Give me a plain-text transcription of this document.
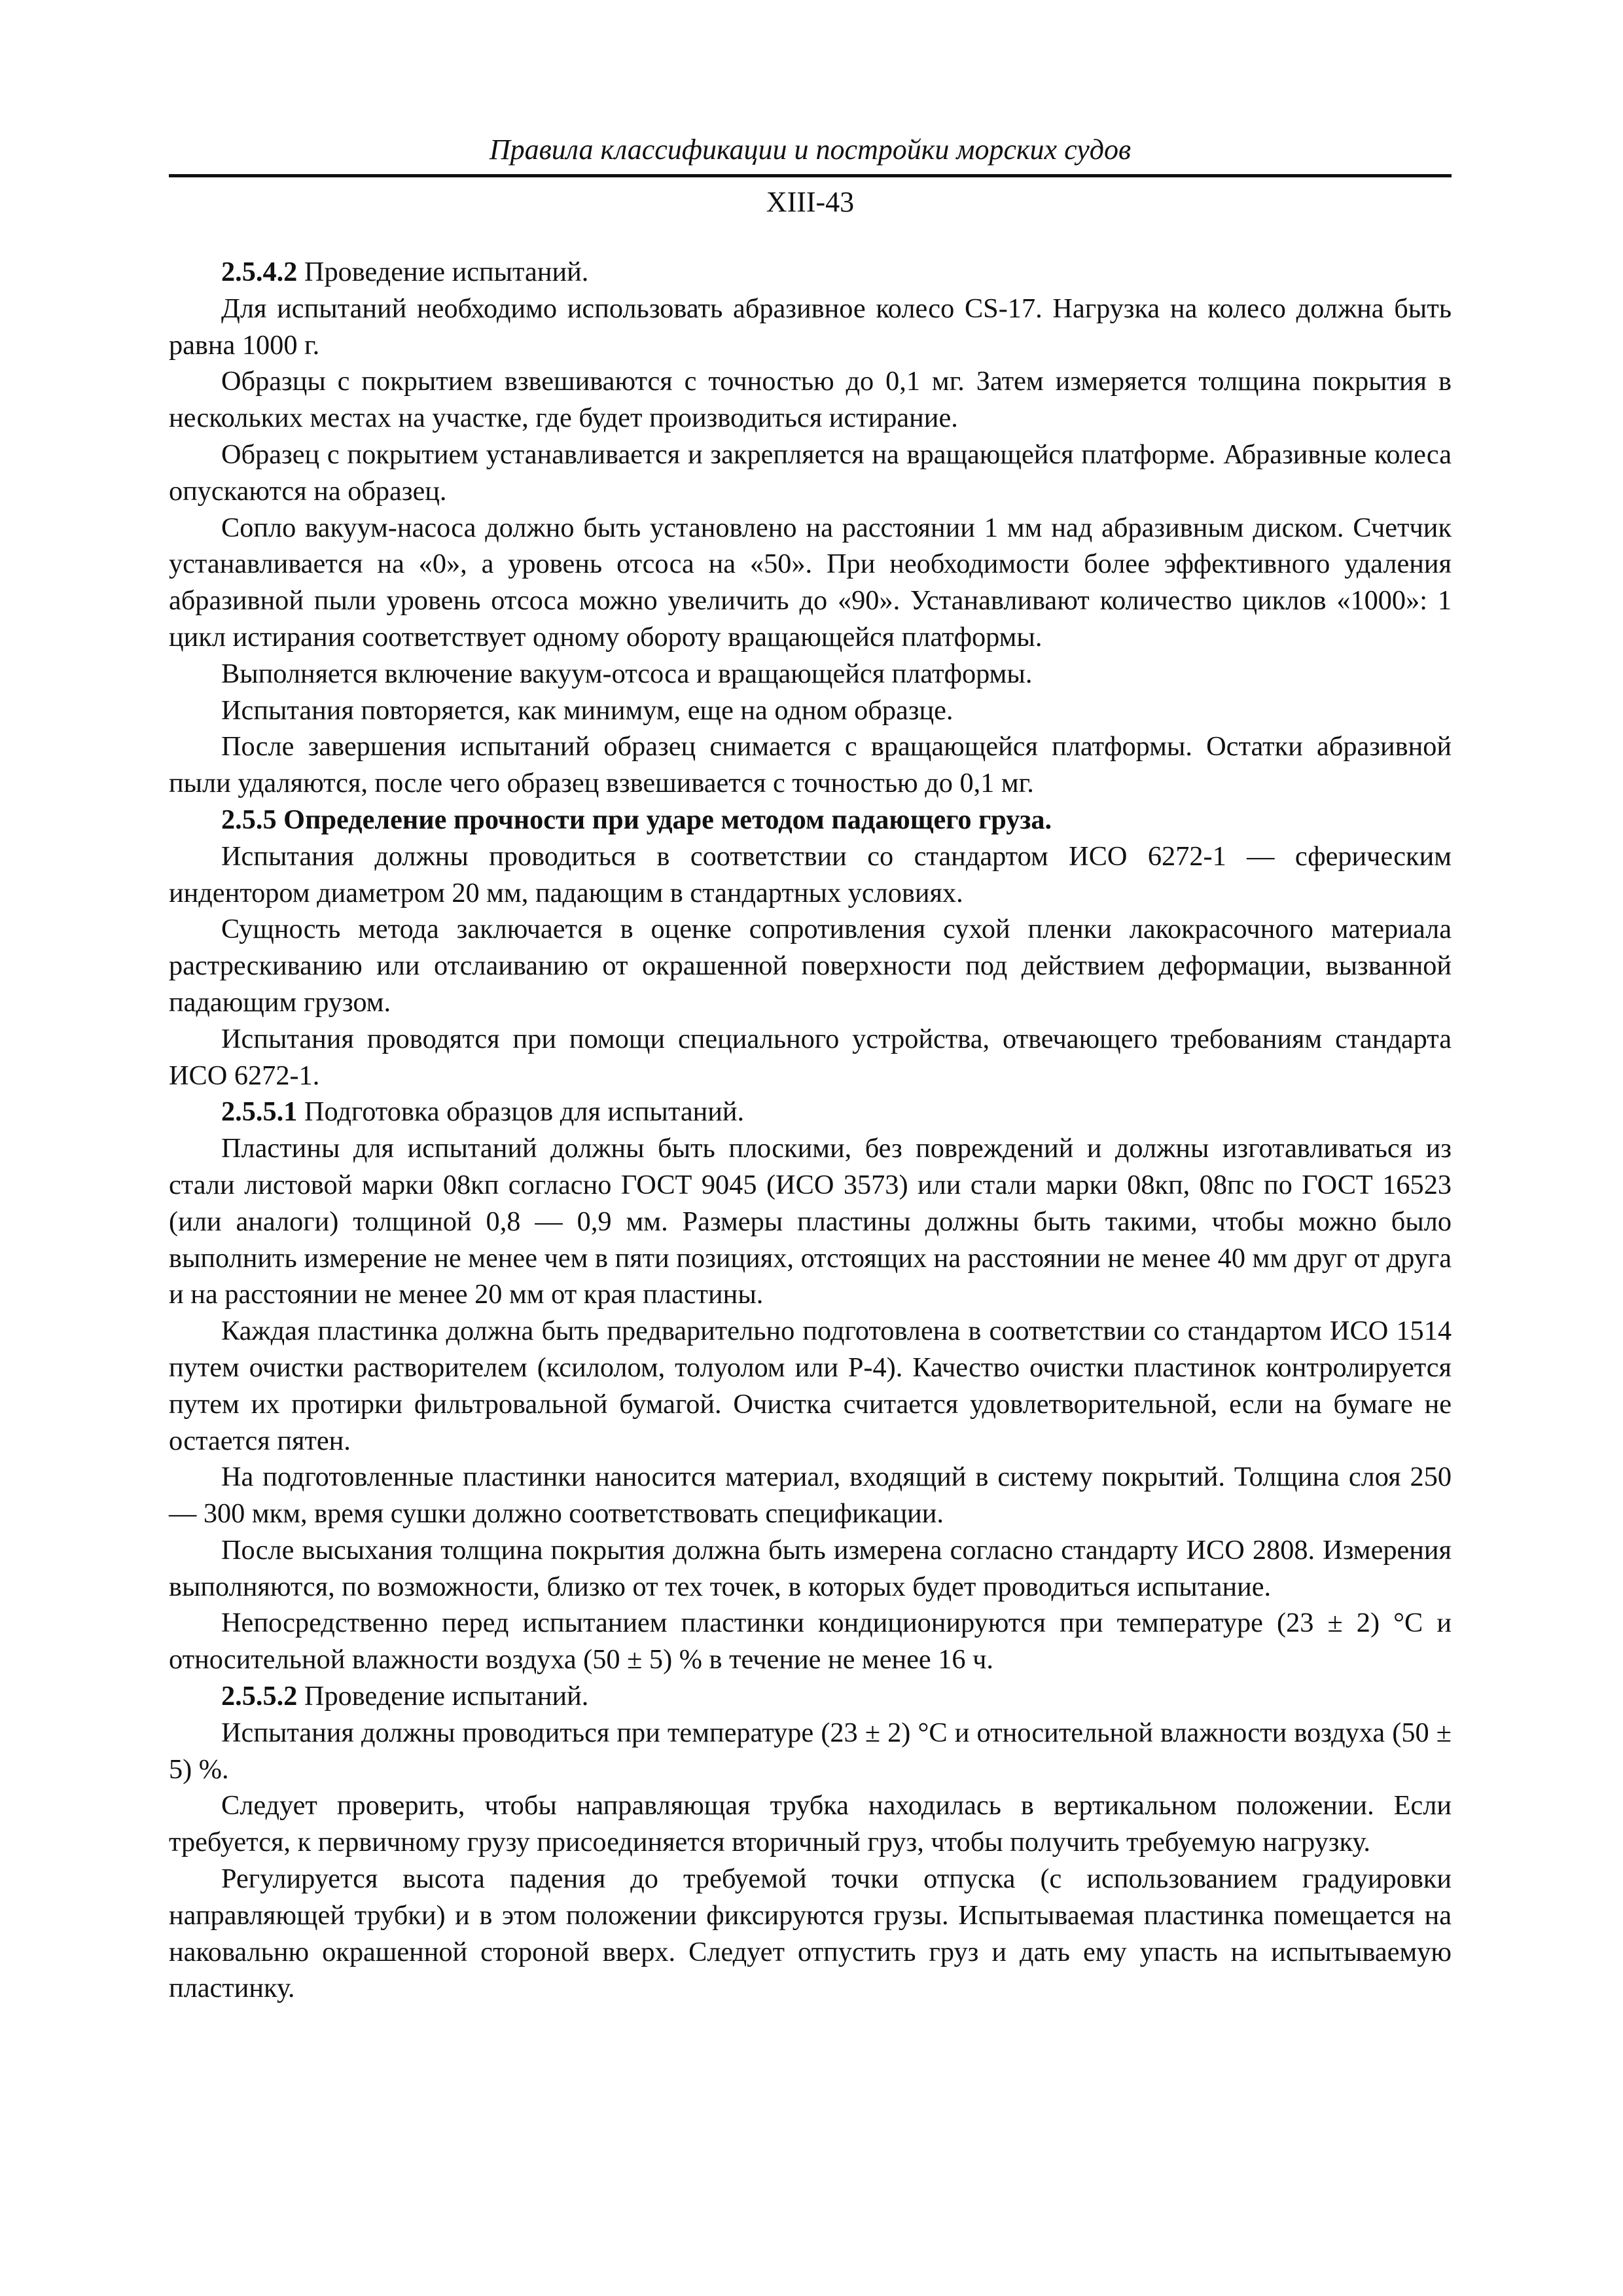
Правила классификации и постройки морских судов
XIII-43

2.5.4.2 Проведение испытаний.

Для испытаний необходимо использовать абразивное колесо CS-17. Нагрузка на колесо должна быть равна 1000 г.

Образцы с покрытием взвешиваются с точностью до 0,1 мг. Затем измеряется толщина покрытия в нескольких местах на участке, где будет производиться истирание.

Образец с покрытием устанавливается и закрепляется на вращающейся платформе. Абразивные колеса опускаются на образец.

Сопло вакуум-насоса должно быть установлено на расстоянии 1 мм над абразивным диском. Счетчик устанавливается на «0», а уровень отсоса на «50». При необходимости более эффективного удаления абразивной пыли уровень отсоса можно увеличить до «90». Устанавливают количество циклов «1000»: 1 цикл истирания соответствует одному обороту вращающейся платформы.

Выполняется включение вакуум-отсоса и вращающейся платформы.

Испытания повторяется, как минимум, еще на одном образце.

После завершения испытаний образец снимается с вращающейся платформы. Остатки абразивной пыли удаляются, после чего образец взвешивается с точностью до 0,1 мг.

2.5.5 Определение прочности при ударе методом падающего груза.

Испытания должны проводиться в соответствии со стандартом ИСО 6272-1 — сферическим индентором диаметром 20 мм, падающим в стандартных условиях.

Сущность метода заключается в оценке сопротивления сухой пленки лакокрасочного материала растрескиванию или отслаиванию от окрашенной поверхности под действием деформации, вызванной падающим грузом.

Испытания проводятся при помощи специального устройства, отвечающего требованиям стандарта ИСО 6272-1.

2.5.5.1 Подготовка образцов для испытаний.

Пластины для испытаний должны быть плоскими, без повреждений и должны изготавливаться из стали листовой марки 08кп согласно ГОСТ 9045 (ИСО 3573) или стали марки 08кп, 08пс по ГОСТ 16523 (или аналоги) толщиной 0,8 — 0,9 мм. Размеры пластины должны быть такими, чтобы можно было выполнить измерение не менее чем в пяти позициях, отстоящих на расстоянии не менее 40 мм друг от друга и на расстоянии не менее 20 мм от края пластины.

Каждая пластинка должна быть предварительно подготовлена в соответствии со стандартом ИСО 1514 путем очистки растворителем (ксилолом, толуолом или Р-4). Качество очистки пластинок контролируется путем их протирки фильтровальной бумагой. Очистка считается удовлетворительной, если на бумаге не остается пятен.

На подготовленные пластинки наносится материал, входящий в систему покрытий. Толщина слоя 250 — 300 мкм, время сушки должно соответствовать спецификации.

После высыхания толщина покрытия должна быть измерена согласно стандарту ИСО 2808. Измерения выполняются, по возможности, близко от тех точек, в которых будет проводиться испытание.

Непосредственно перед испытанием пластинки кондиционируются при температуре (23 ± 2) °С и относительной влажности воздуха (50 ± 5) % в течение не менее 16 ч.

2.5.5.2 Проведение испытаний.

Испытания должны проводиться при температуре (23 ± 2) °С и относительной влажности воздуха (50 ± 5) %.

Следует проверить, чтобы направляющая трубка находилась в вертикальном положении. Если требуется, к первичному грузу присоединяется вторичный груз, чтобы получить требуемую нагрузку.

Регулируется высота падения до требуемой точки отпуска (с использованием градуировки направляющей трубки) и в этом положении фиксируются грузы. Испытываемая пластинка помещается на наковальню окрашенной стороной вверх. Следует отпустить груз и дать ему упасть на испытываемую пластинку.
